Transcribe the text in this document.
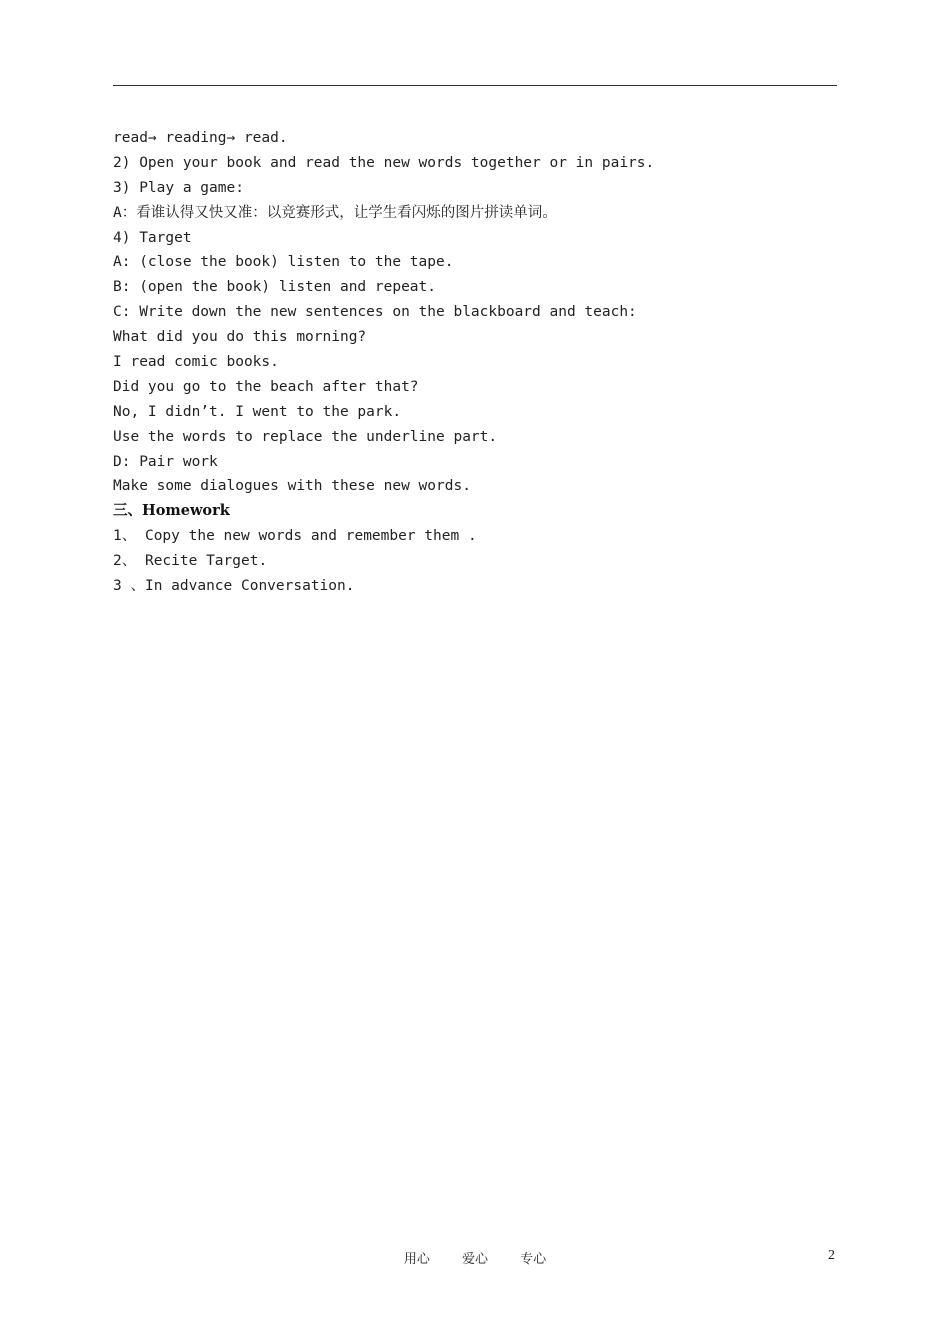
read→ reading→ read.
2) Open your book and read the new words together or in pairs.
3) Play a game:
A：看谁认得又快又准：以竞赛形式，让学生看闪烁的图片拼读单词。
4) Target
A: (close the book) listen to the tape.
B: (open the book) listen and repeat.
C: Write down the new sentences on the blackboard and teach:
What did you do this morning?
I read comic books.
Did you go to the beach after that?
No, I didn’t. I went to the park.
Use the words to replace the underline part.
D: Pair work
Make some dialogues with these new words.
三、Homework
1、 Copy the new words and remember them .
2、 Recite Target.
3 、In advance Conversation.
用心 爱心 专心	2
